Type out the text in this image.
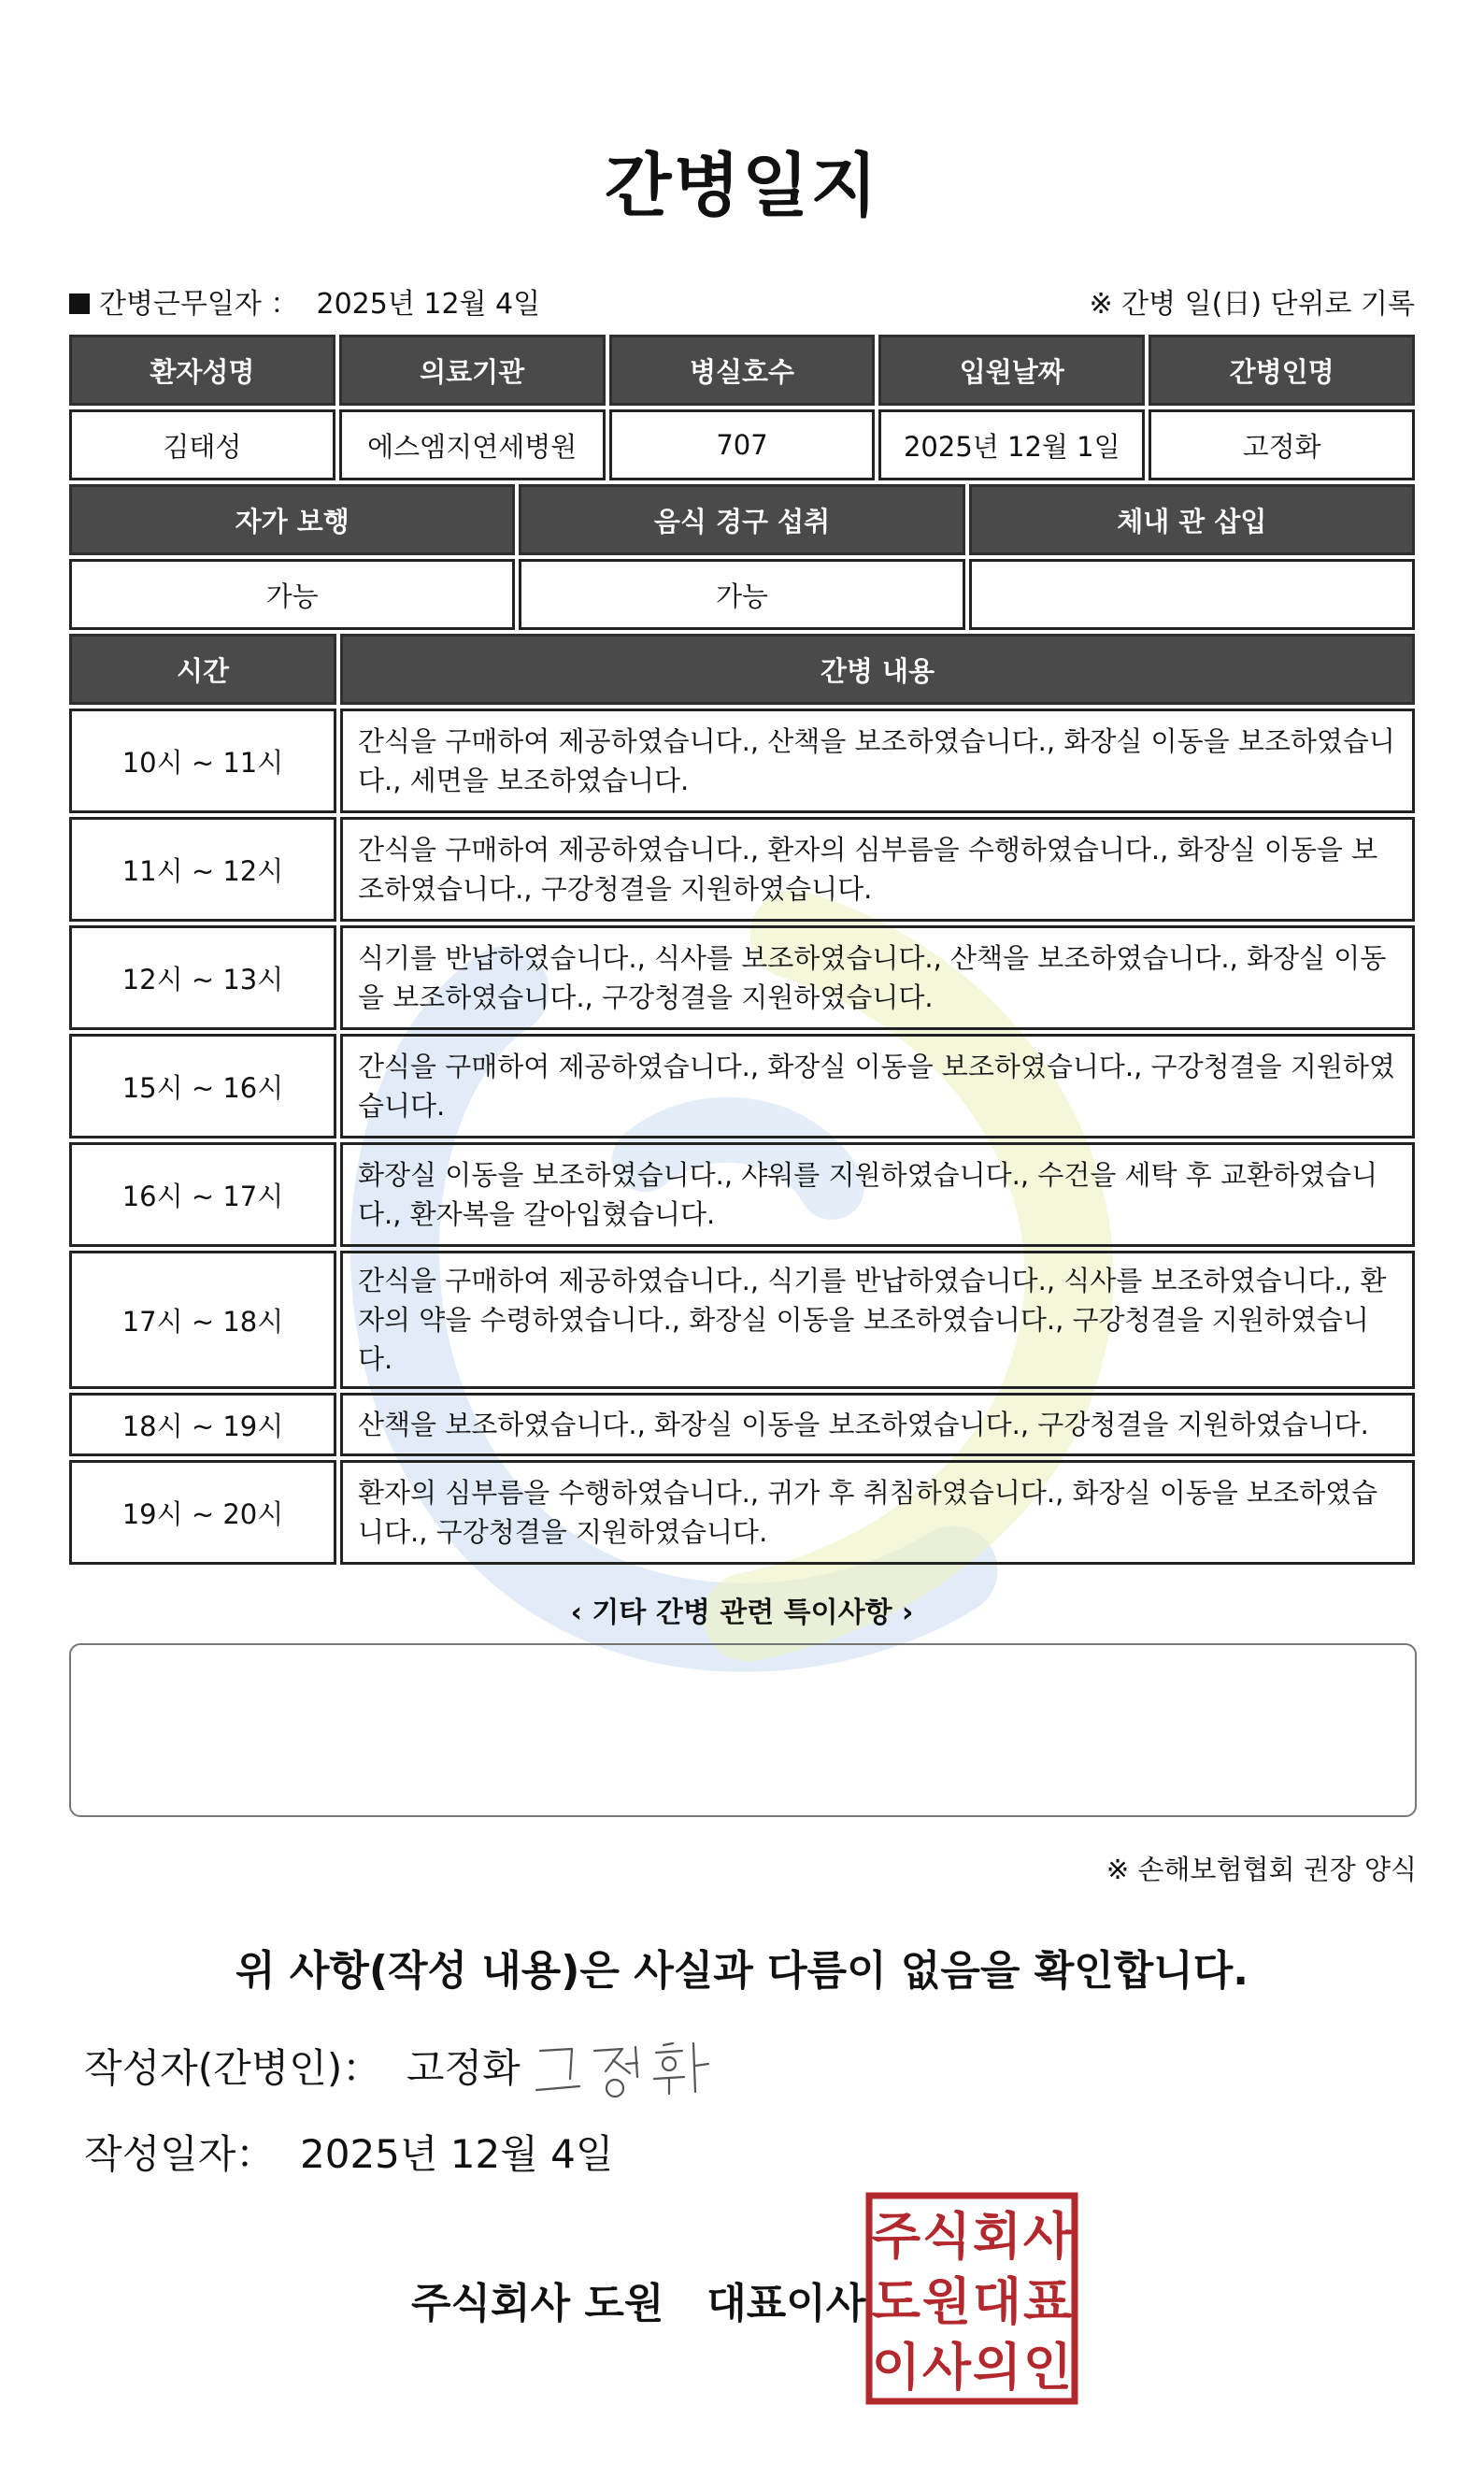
간병일지
간병근무일자 ： 2025년 12월 4일	※ 간병 일(日) 단위로 기록
환자성명	의료기관	병실호수	입원날짜	간병인명
김태성	에스엠지연세병원	707	2025년 12월 1일	고정화
자가 보행	음식 경구 섭취	체내 관 삽입
가능	가능	
시간	간병 내용
10시 ~ 11시	간식을 구매하여 제공하였습니다., 산책을 보조하였습니다., 화장실 이동을 보조하였습니다., 세면을 보조하였습니다.
11시 ~ 12시	간식을 구매하여 제공하였습니다., 환자의 심부름을 수행하였습니다., 화장실 이동을 보조하였습니다., 구강청결을 지원하였습니다.
12시 ~ 13시	식기를 반납하였습니다., 식사를 보조하였습니다., 산책을 보조하였습니다., 화장실 이동을 보조하였습니다., 구강청결을 지원하였습니다.
15시 ~ 16시	간식을 구매하여 제공하였습니다., 화장실 이동을 보조하였습니다., 구강청결을 지원하였습니다.
16시 ~ 17시	화장실 이동을 보조하였습니다., 샤워를 지원하였습니다., 수건을 세탁 후 교환하였습니다., 환자복을 갈아입혔습니다.
17시 ~ 18시	간식을 구매하여 제공하였습니다., 식기를 반납하였습니다., 식사를 보조하였습니다., 환자의 약을 수령하였습니다., 화장실 이동을 보조하였습니다., 구강청결을 지원하였습니다.
18시 ~ 19시	산책을 보조하였습니다., 화장실 이동을 보조하였습니다., 구강청결을 지원하였습니다.
19시 ~ 20시	환자의 심부름을 수행하였습니다., 귀가 후 취침하였습니다., 화장실 이동을 보조하였습니다., 구강청결을 지원하였습니다.
‹ 기타 간병 관련 특이사항 ›
※ 손해보험협회 권장 양식
위 사항(작성 내용)은 사실과 다름이 없음을 확인합니다.
작성자(간병인)： 고정화
작성일자： 2025년 12월 4일
주식회사 도원   대표이사
주 식 회 사
도 원 대 표
이 사 의 인
